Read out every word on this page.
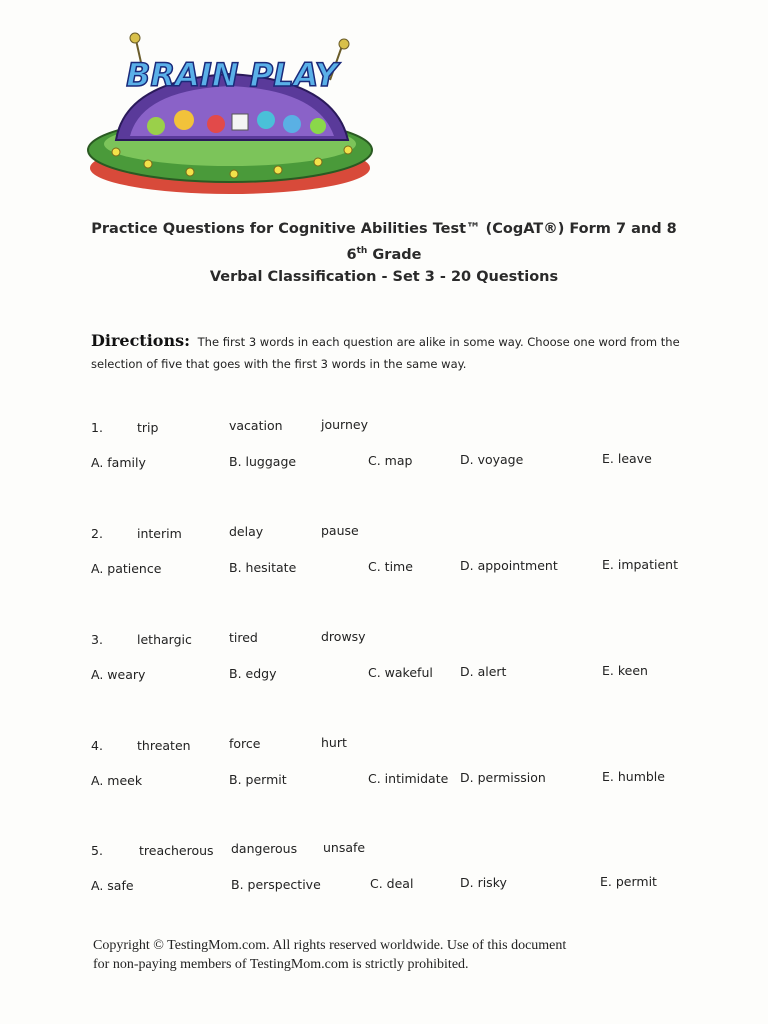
BRAIN PLAY
Practice Questions for Cognitive Abilities Test™ (CogAT®) Form 7 and 8
6th Grade
Verbal Classification - Set 3 - 20 Questions
Directions: The first 3 words in each question are alike in some way. Choose one word from the selection of five that goes with the first 3 words in the same way.
1.	trip	vacation	journey
A. family	B. luggage	C. map	D. voyage	E. leave
2.	interim	delay	pause
A. patience	B. hesitate	C. time	D. appointment	E. impatient
3.	lethargic	tired	drowsy
A. weary	B. edgy	C. wakeful D. alert	E. keen
4.	threaten	force	hurt
A. meek	B. permit	C. intimidate D. permission	E. humble
5.	treacherous dangerous unsafe
A. safe	B. perspective	C. deal	D. risky	E. permit
Copyright © TestingMom.com. All rights reserved worldwide. Use of this document
for non-paying members of TestingMom.com is strictly prohibited.
